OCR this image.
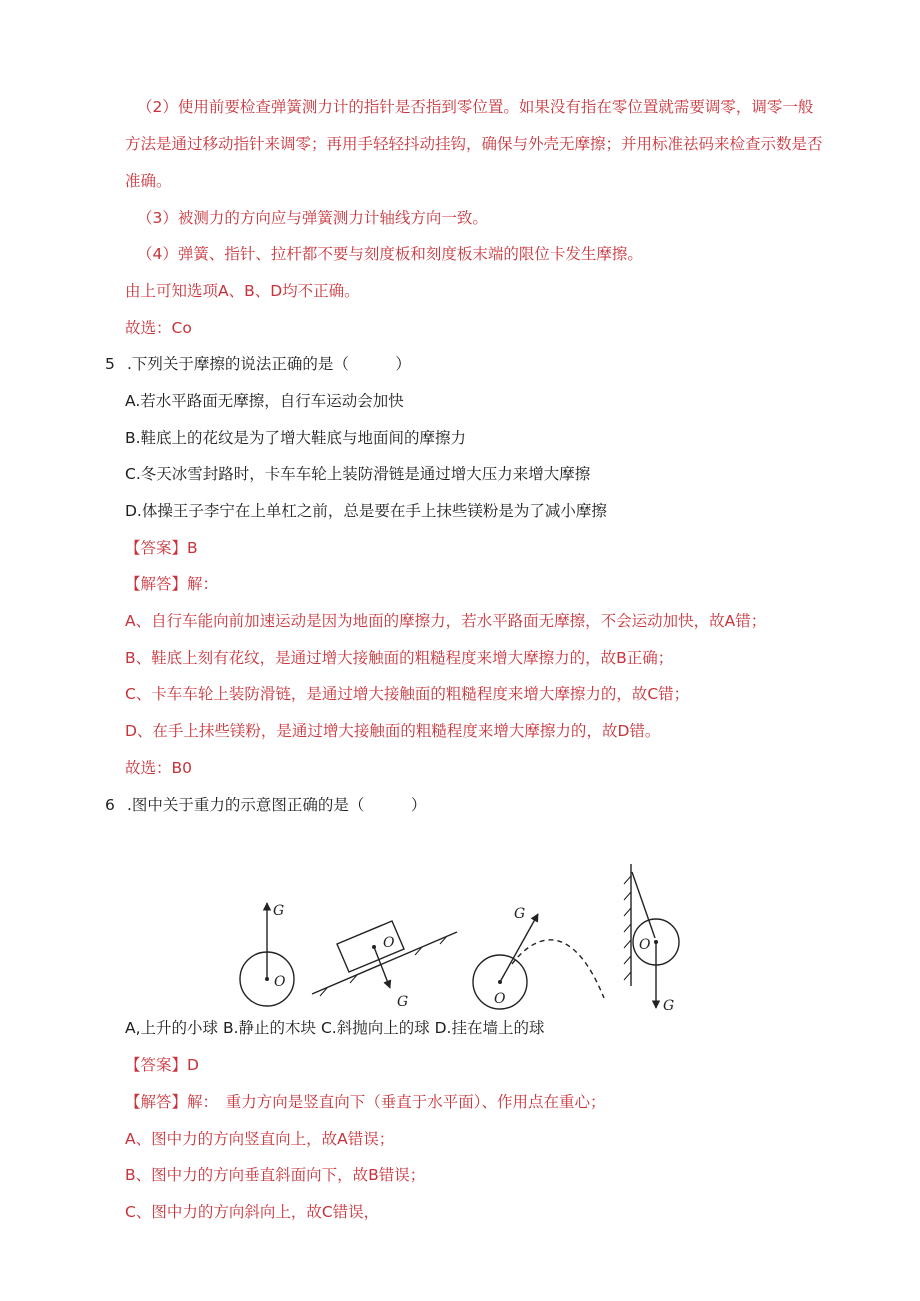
（2）使用前要检查弹簧测力计的指针是否指到零位置。如果没有指在零位置就需要调零，调零一般
方法是通过移动指针来调零；再用手轻轻抖动挂钩，确保与外壳无摩擦；并用标准祛码来检查示数是否
准确。
（3）被测力的方向应与弹簧测力计轴线方向一致。
（4）弹簧、指针、拉杆都不要与刻度板和刻度板末端的限位卡发生摩擦。
由上可知选项A、B、D均不正确。
故选：Co
5 .下列关于摩擦的说法正确的是（　　　）
A.若水平路面无摩擦，自行车运动会加快
B.鞋底上的花纹是为了增大鞋底与地面间的摩擦力
C.冬天冰雪封路时，卡车车轮上装防滑链是通过增大压力来增大摩擦
D.体操王子李宁在上单杠之前，总是要在手上抹些镁粉是为了减小摩擦
【答案】B
【解答】解：
A、自行车能向前加速运动是因为地面的摩擦力，若水平路面无摩擦，不会运动加快，故A错；
B、鞋底上刻有花纹，是通过增大接触面的粗糙程度来增大摩擦力的，故B正确；
C、卡车车轮上装防滑链，是通过增大接触面的粗糙程度来增大摩擦力的，故C错；
D、在手上抹些镁粉，是通过增大接触面的粗糙程度来增大摩擦力的，故D错。
故选：B0
6 .图中关于重力的示意图正确的是（　　　）
G
O
O
G
G
O
O
G
A,上升的小球 B.静止的木块 C.斜抛向上的球 D.挂在墙上的球
【答案】D
【解答】解：　重力方向是竖直向下（垂直于水平面）、作用点在重心；
A、图中力的方向竖直向上，故A错误；
B、图中力的方向垂直斜面向下，故B错误；
C、图中力的方向斜向上，故C错误，
